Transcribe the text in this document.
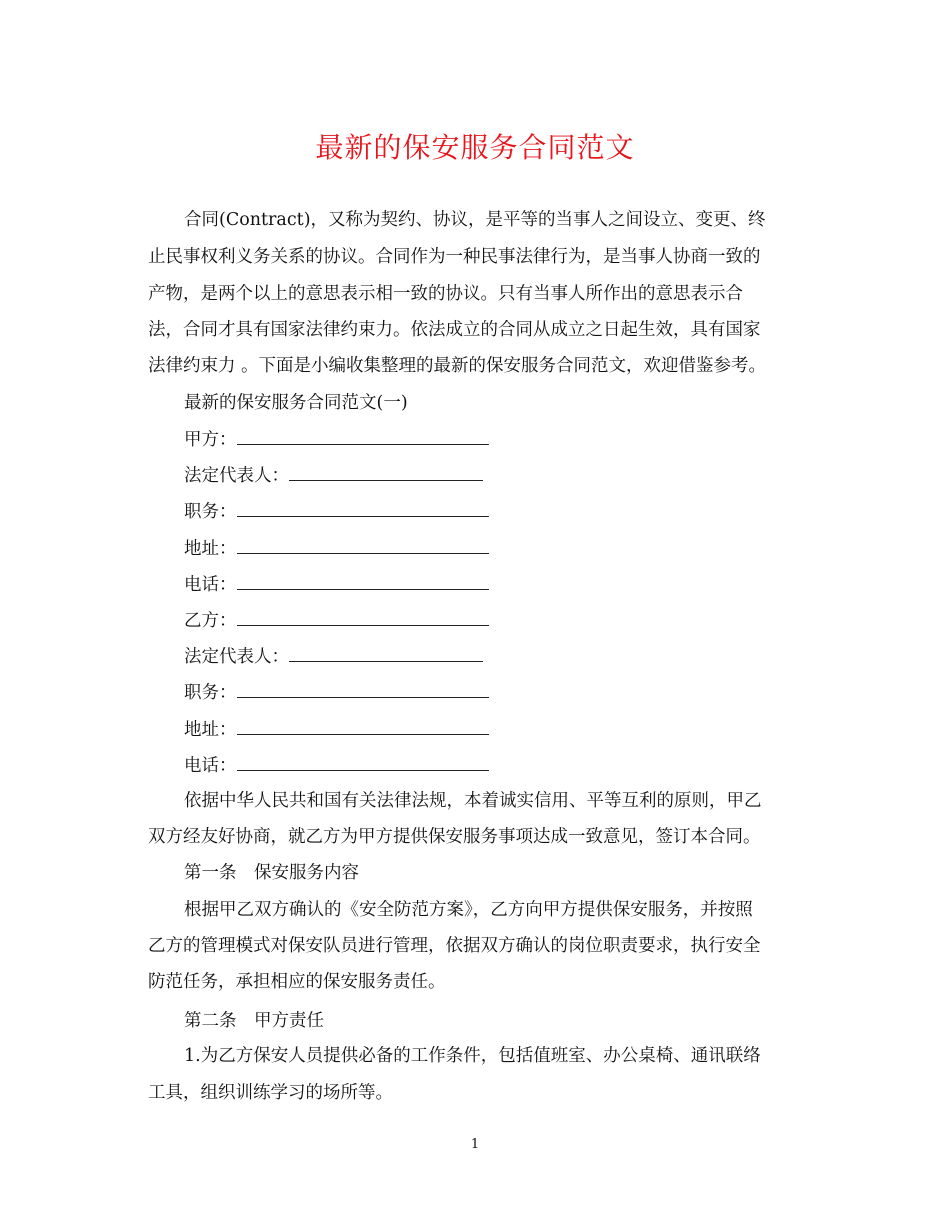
最新的保安服务合同范文
合同(Contract)，又称为契约、协议，是平等的当事人之间设立、变更、终
止民事权利义务关系的协议。合同作为一种民事法律行为，是当事人协商一致的
产物，是两个以上的意思表示相一致的协议。只有当事人所作出的意思表示合
法，合同才具有国家法律约束力。依法成立的合同从成立之日起生效，具有国家
法律约束力 。下面是小编收集整理的最新的保安服务合同范文，欢迎借鉴参考。
最新的保安服务合同范文(一)
甲方：
法定代表人：
职务：
地址：
电话：
乙方：
法定代表人：
职务：
地址：
电话：
依据中华人民共和国有关法律法规，本着诚实信用、平等互利的原则，甲乙
双方经友好协商，就乙方为甲方提供保安服务事项达成一致意见，签订本合同。
第一条　保安服务内容
根据甲乙双方确认的《安全防范方案》，乙方向甲方提供保安服务，并按照
乙方的管理模式对保安队员进行管理，依据双方确认的岗位职责要求，执行安全
防范任务，承担相应的保安服务责任。
第二条　甲方责任
1.为乙方保安人员提供必备的工作条件，包括值班室、办公桌椅、通讯联络
工具，组织训练学习的场所等。
1
